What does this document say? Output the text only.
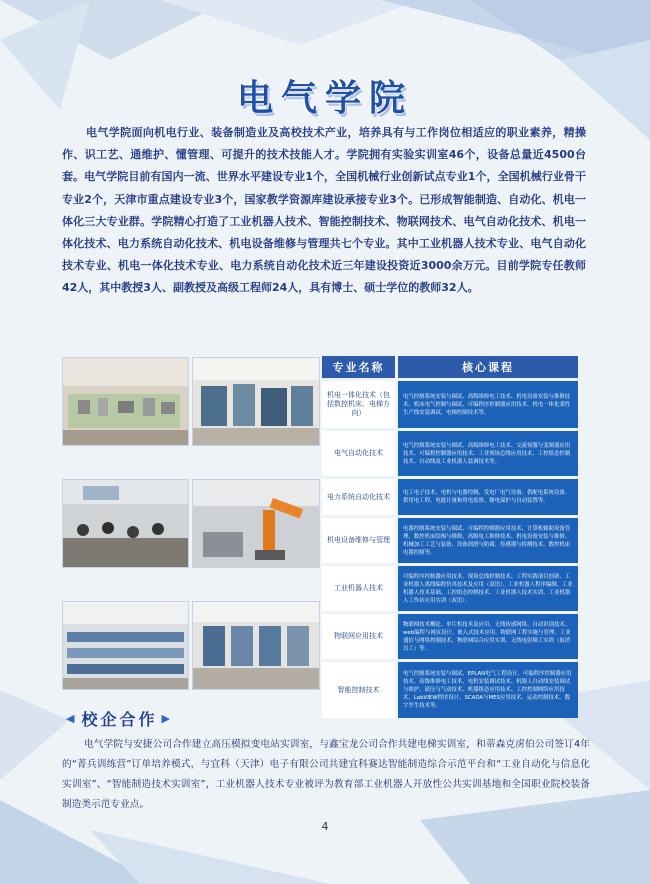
电气学院

电气学院面向机电行业、装备制造业及高校技术产业，培养具有与工作岗位相适应的职业素养，精操作、识工艺、通维护、懂管理、可提升的技术技能人才。学院拥有实验实训室46个，设备总量近4500台套。电气学院目前有国内一流、世界水平建设专业1个，全国机械行业创新试点专业1个，全国机械行业骨干专业2个，天津市重点建设专业3个，国家教学资源库建设承接专业3个。已形成智能制造、自动化、机电一体化三大专业群。学院精心打造了工业机器人技术、智能控制技术、物联网技术、电气自动化技术、机电一体化技术、电力系统自动化技术、机电设备维修与管理共七个专业。其中工业机器人技术专业、电气自动化技术专业、机电一体化技术专业、电力系统自动化技术近三年建设投资近3000余万元。目前学院专任教师42人，其中教授3人、副教授及高级工程师24人，具有博士、硕士学位的教师32人。

专业名称	核心课程
机电一体化技术（包括数控机床、电梯方向）
电气控制系统安装与调试、高级维修电工技术、机电设备安装与维修技术、机床电气控制与调试、可编程序控制器应用技术、机电一体化柔性生产线安装调试、电梯控制技术等。
电气自动化技术
电气控制系统安装与调试、高级维修电工技术、交流伺服与变频器应用技术、可编程控制器应用技术、工业现场总线应用技术、工控组态控制技术、自动线及工业机器人装调技术等。
电力系统自动化技术	电工电子技术、电机与电器控制、发电厂电气设备、供配电系统设备、供用电工程、电能计量和用电监察、继电保护与自动装置等。
机电设备维修与管理
电器控制系统安装与调试、可编程控制器应用技术、计算机辅助设备管理、数控机床结构与维修、高级电工维修技术、机电设备安装与维修、机械加工工艺与装备、设备润滑与防腐、传感器与检测技术、数控机床电器控制等。
工业机器人技术
可编程序控制器应用技术、现场总线控制技术、工程实践项目创新、工业机器人离线编程仿真技术及应用（双语）、工业机器人程序编制、工业机器人技术基础、工控组态控制技术、工业机器人技术实训、工业机器人工作站应用实训（双语）。
物联网应用技术
物联网技术概论、单片机技术及应用、无线传感网络、自动识别技术、web编程与网页设计、嵌入式技术应用、物联网工程实施与管理、工业通信与网络控制技术、物联网综合应用实训、无线电射频工实训（取消员工）等。
智能控制技术
电气控制系统安装与调试、EPLAN电气工程设计、可编程序控制器应用技术、高级维修电工技术、电机安装调试技术、机器人自动线安装调试与维护、液压与气动技术、机器组态应用技术、工控控制网络应用技术、LabVIEW程序设计、SCADA与MES应用技术、运动控制技术、数字孪生技术等。
◀ 校企合作 ▶

电气学院与安捷公司合作建立高压模拟变电站实训室，与鑫宝龙公司合作共建电梯实训室，和蒂森克虏伯公司签订4年的“菁兵训练营”订单培养模式，与宜科（天津）电子有限公司共建宜科赛达智能制造综合示范平台和“工业自动化与信息化实训室”、“智能制造技术实训室”，工业机器人技术专业被评为教育部工业机器人开放性公共实训基地和全国职业院校装备制造类示范专业点。

4
